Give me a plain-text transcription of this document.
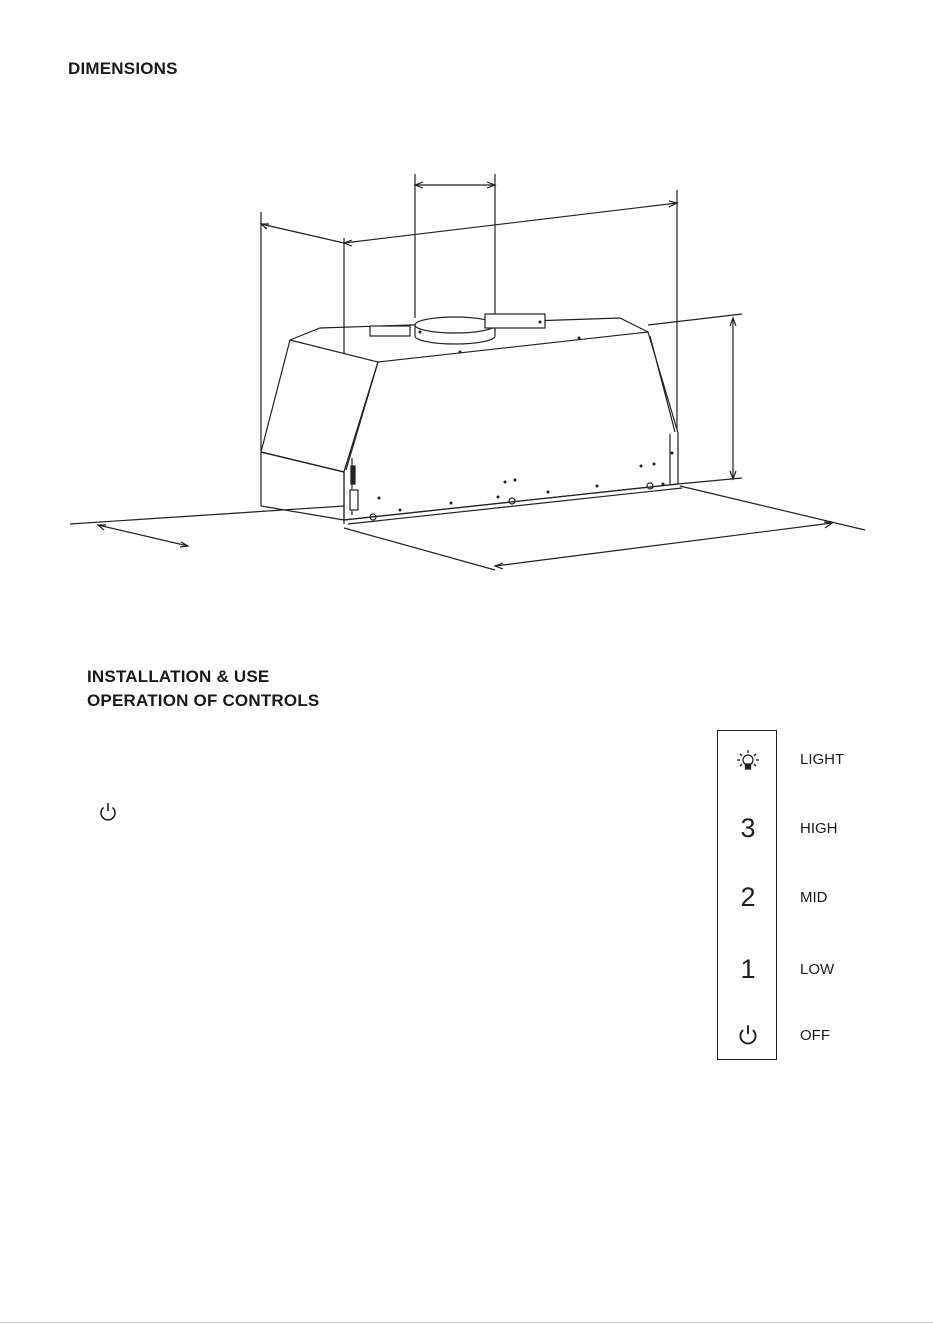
DIMENSIONS
INSTALLATION & USE
OPERATION OF CONTROLS
3
2
1
LIGHT
HIGH
MID
LOW
OFF
